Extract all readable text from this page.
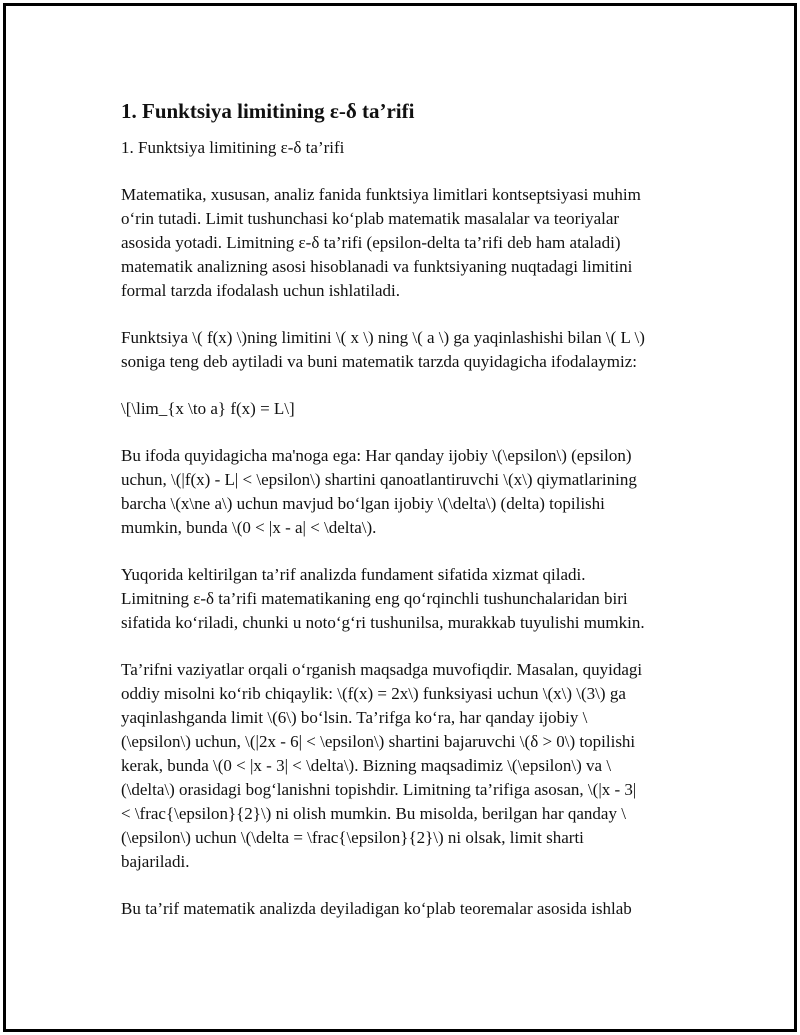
1. Funktsiya limitining ε-δ ta’rifi

1. Funktsiya limitining ε-δ ta’rifi

Matematika, xususan, analiz fanida funktsiya limitlari kontseptsiyasi muhim
o‘rin tutadi. Limit tushunchasi ko‘plab matematik masalalar va teoriyalar
asosida yotadi. Limitning ε-δ ta’rifi (epsilon-delta ta’rifi deb ham ataladi)
matematik analizning asosi hisoblanadi va funktsiyaning nuqtadagi limitini
formal tarzda ifodalash uchun ishlatiladi.

Funktsiya \( f(x) \)ning limitini \( x \) ning \( a \) ga yaqinlashishi bilan \( L \)
soniga teng deb aytiladi va buni matematik tarzda quyidagicha ifodalaymiz:

\[\lim_{x \to a} f(x) = L\]

Bu ifoda quyidagicha ma'noga ega: Har qanday ijobiy \(\epsilon\) (epsilon)
uchun, \(|f(x) - L| < \epsilon\) shartini qanoatlantiruvchi \(x\) qiymatlarining
barcha \(x\ne a\) uchun mavjud bo‘lgan ijobiy \(\delta\) (delta) topilishi
mumkin, bunda \(0 < |x - a| < \delta\).

Yuqorida keltirilgan ta’rif analizda fundament sifatida xizmat qiladi.
Limitning ε-δ ta’rifi matematikaning eng qo‘rqinchli tushunchalaridan biri
sifatida ko‘riladi, chunki u noto‘g‘ri tushunilsa, murakkab tuyulishi mumkin.

Ta’rifni vaziyatlar orqali o‘rganish maqsadga muvofiqdir. Masalan, quyidagi
oddiy misolni ko‘rib chiqaylik: \(f(x) = 2x\) funksiyasi uchun \(x\) \(3\) ga
yaqinlashganda limit \(6\) bo‘lsin. Ta’rifga ko‘ra, har qanday ijobiy \
(\epsilon\) uchun, \(|2x - 6| < \epsilon\) shartini bajaruvchi \(δ > 0\) topilishi
kerak, bunda \(0 < |x - 3| < \delta\). Bizning maqsadimiz \(\epsilon\) va \
(\delta\) orasidagi bog‘lanishni topishdir. Limitning ta’rifiga asosan, \(|x - 3|
< \frac{\epsilon}{2}\) ni olish mumkin. Bu misolda, berilgan har qanday \
(\epsilon\) uchun \(\delta = \frac{\epsilon}{2}\) ni olsak, limit sharti
bajariladi.

Bu ta’rif matematik analizda deyiladigan ko‘plab teoremalar asosida ishlab
